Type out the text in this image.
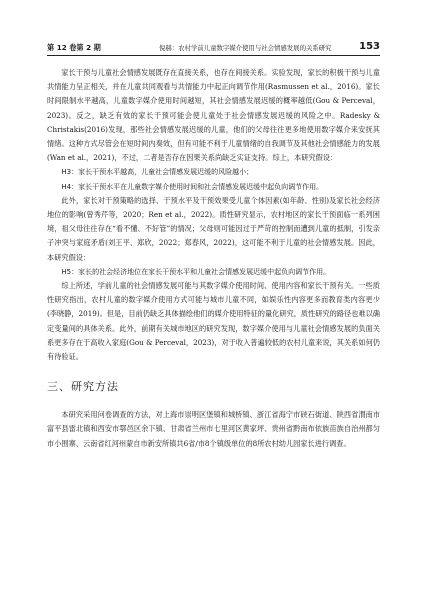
第 12 卷第 2 期	倪赫：农村学前儿童数字媒介使用与社会情感发展的关系研究	153

家长干预与儿童社会情感发展既存在直接关系，也存在间接关系。实验发现，家长的积极干预与儿童共情能力呈正相关，并在儿童共同观看与共情能力中起正向调节作用(Rasmussen et al.，2016)。家长时间限制水平越高，儿童数字媒介使用时间越短，其社会情感发展迟缓的概率越低(Gou & Perceval，2023)。反之，缺乏有效的家长干预可能会使儿童处于社会情感发展迟缓的风险之中。Radesky & Christakis(2016)发现，那些社会情感发展迟缓的儿童，他们的父母往往更多地使用数字媒介来安抚其情绪。这种方式尽管会在短时间内奏效，但有可能不利于儿童情绪的自我调节及其他社会情感能力的发展(Wan et al.，2021)，不过，二者是否存在因果关系尚缺乏实证支持。综上，本研究假设：

H3：家长干预水平越高，儿童社会情感发展迟缓的风险越小；

H4：家长干预水平在儿童数字媒介使用时间和社会情感发展迟缓中起负向调节作用。

此外，家长对干预策略的选择、干预水平及干预效果受儿童个体因素(如年龄、性别)及家长社会经济地位的影响(曾秀芹等，2020；Ren et al.，2022)。质性研究显示，农村地区的家长干预面临一系列困境，祖父母往往存在“看不懂、不好管”的情况；父母则可能因过于严苛的控制而遭到儿童的抵制，引发亲子冲突与家庭矛盾(刘王平、郑欣，2022；郑春风，2022)，这可能不利于儿童的社会情感发展。因此，本研究假设：

H5：家长的社会经济地位在家长干预水平和儿童社会情感发展迟缓中起负向调节作用。

综上所述，学前儿童的社会情感发展可能与其数字媒介使用时间、使用内容和家长干预有关。一些质性研究指出，农村儿童的数字媒介使用方式可能与城市儿童不同，如娱乐性内容更多而教育类内容更少(李晓静，2019)。但是，目前仍缺乏具体描绘他们的媒介使用特征的量化研究，质性研究的路径也难以确定变量间的具体关系。此外，前期有关城市地区的研究发现，数字媒介使用与儿童社会情感发展的负面关系更多存在于高收入家庭(Gou & Perceval，2023)，对于收入普遍较低的农村儿童来说，其关系如何仍有待验证。

三、研究方法

本研究采用问卷调查的方法，对上海市崇明区堡镇和城桥镇、浙江省海宁市硖石街道、陕西省渭南市富平县雷北镇和西安市鄠邑区余下镇、甘肃省兰州市七里河区黄家坪、贵州省黔南布依族苗族自治州都匀市小围寨、云南省红河州蒙自市新安所镇共6省/市8个镇级单位的8所农村幼儿园家长进行调查。
